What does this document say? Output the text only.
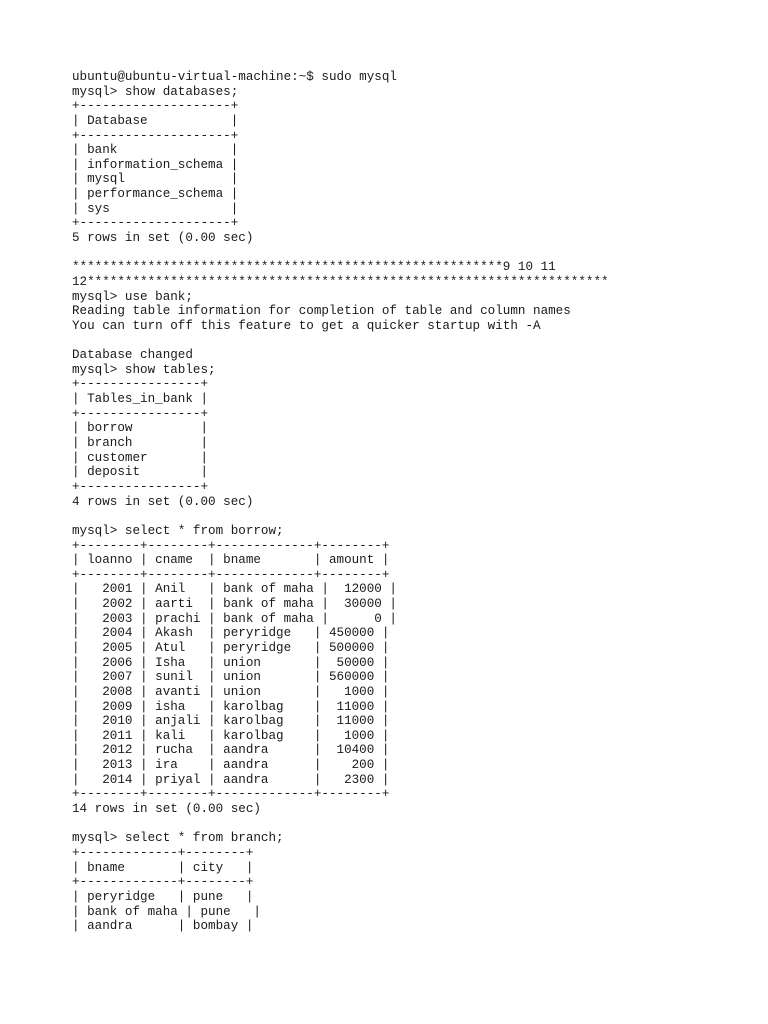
ubuntu@ubuntu-virtual-machine:~$ sudo mysql
mysql> show databases;
+--------------------+
| Database           |
+--------------------+
| bank               |
| information_schema |
| mysql              |
| performance_schema |
| sys                |
+--------------------+
5 rows in set (0.00 sec)
*********************************************************9 10 11
12*********************************************************************
mysql> use bank;
Reading table information for completion of table and column names
You can turn off this feature to get a quicker startup with -A
Database changed
mysql> show tables;
+----------------+
| Tables_in_bank |
+----------------+
| borrow         |
| branch         |
| customer       |
| deposit        |
+----------------+
4 rows in set (0.00 sec)
mysql> select * from borrow;
+--------+--------+-------------+--------+
| loanno | cname  | bname       | amount |
+--------+--------+-------------+--------+
|   2001 | Anil   | bank of maha |  12000 |
|   2002 | aarti  | bank of maha |  30000 |
|   2003 | prachi | bank of maha |      0 |
|   2004 | Akash  | peryridge   | 450000 |
|   2005 | Atul   | peryridge   | 500000 |
|   2006 | Isha   | union       |  50000 |
|   2007 | sunil  | union       | 560000 |
|   2008 | avanti | union       |   1000 |
|   2009 | isha   | karolbag    |  11000 |
|   2010 | anjali | karolbag    |  11000 |
|   2011 | kali   | karolbag    |   1000 |
|   2012 | rucha  | aandra      |  10400 |
|   2013 | ira    | aandra      |    200 |
|   2014 | priyal | aandra      |   2300 |
+--------+--------+-------------+--------+
14 rows in set (0.00 sec)
mysql> select * from branch;
+-------------+--------+
| bname       | city   |
+-------------+--------+
| peryridge   | pune   |
| bank of maha | pune   |
| aandra      | bombay |
